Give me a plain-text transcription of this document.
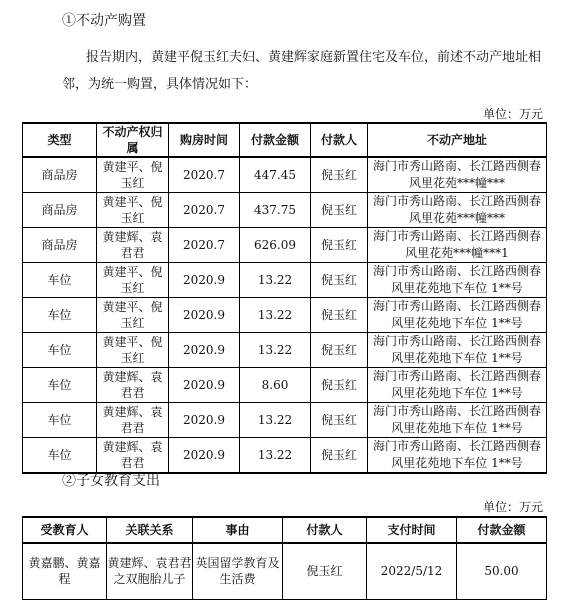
①不动产购置
报告期内，黄建平倪玉红夫妇、黄建辉家庭新置住宅及车位，前述不动产地址相邻，为统一购置，具体情况如下：
单位：万元
类型	不动产权归属	购房时间	付款金额	付款人	不动产地址
商品房	黄建平、倪玉红	2020.7	447.45	倪玉红	海门市秀山路南、长江路西侧春风里花苑***幢***
商品房	黄建平、倪玉红	2020.7	437.75	倪玉红	海门市秀山路南、长江路西侧春风里花苑***幢***
商品房	黄建辉、袁君君	2020.7	626.09	倪玉红	海门市秀山路南、长江路西侧春风里花苑***幢***1
车位	黄建平、倪玉红	2020.9	13.22	倪玉红	海门市秀山路南、长江路西侧春风里花苑地下车位 1**号
车位	黄建平、倪玉红	2020.9	13.22	倪玉红	海门市秀山路南、长江路西侧春风里花苑地下车位 1**号
车位	黄建平、倪玉红	2020.9	13.22	倪玉红	海门市秀山路南、长江路西侧春风里花苑地下车位 1**号
车位	黄建辉、袁君君	2020.9	8.60	倪玉红	海门市秀山路南、长江路西侧春风里花苑地下车位 1**号
车位	黄建辉、袁君君	2020.9	13.22	倪玉红	海门市秀山路南、长江路西侧春风里花苑地下车位 1**号
车位	黄建辉、袁君君	2020.9	13.22	倪玉红	海门市秀山路南、长江路西侧春风里花苑地下车位 1**号
②子女教育支出
单位：万元
受教育人	关联关系	事由	付款人	支付时间	付款金额
黄嘉鹏、黄嘉程	黄建辉、袁君君之双胞胎儿子	英国留学教育及生活费	倪玉红	2022/5/12	50.00
